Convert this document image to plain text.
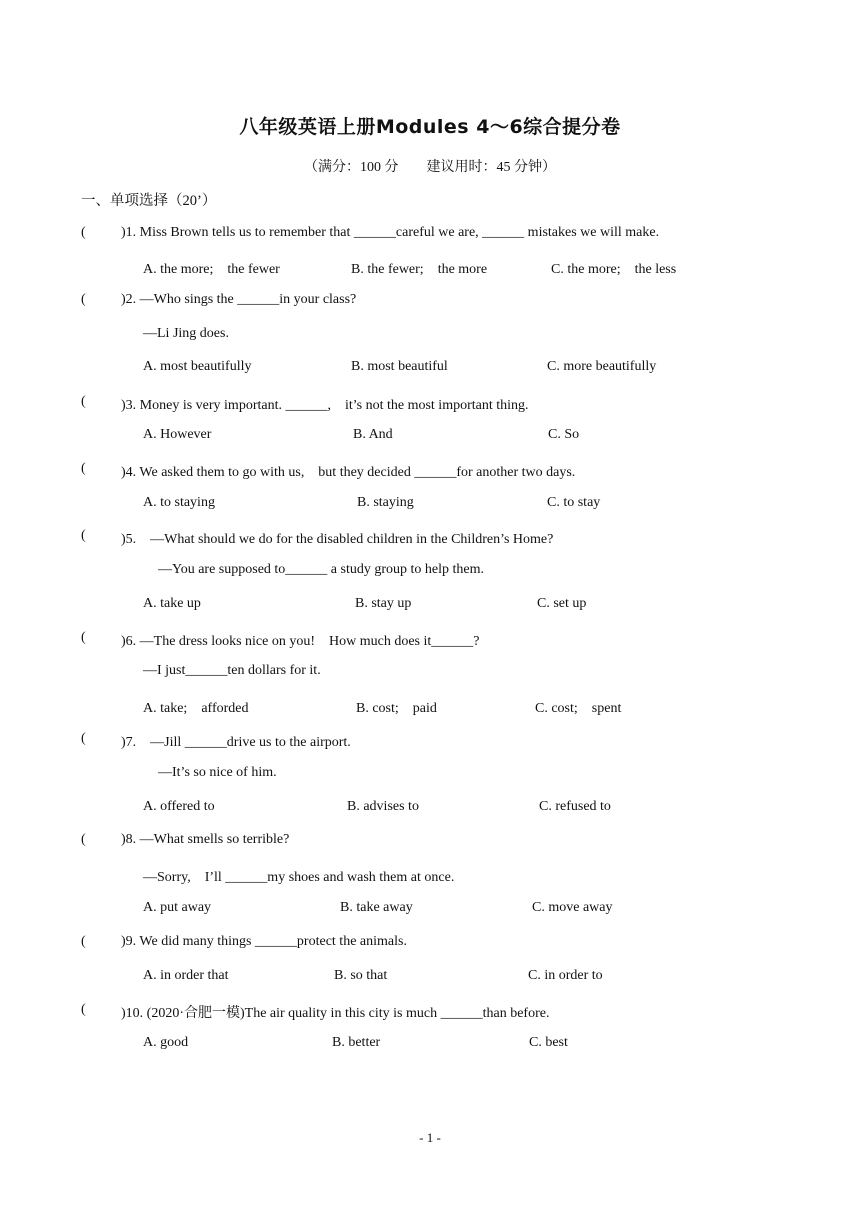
八年级英语上册Modules 4～6综合提分卷
（满分：100 分　　建议用时：45 分钟）
一、单项选择（20’）
(	)1. Miss Brown tells us to remember that ______careful we are, ______ mistakes we will make.
A. the more;　the fewer	B. the fewer;　the more	C. the more;　the less
(	)2. —Who sings the ______in your class?
—Li Jing does.
A. most beautifully	B. most beautiful	C. more beautifully
(	)3. Money is very important. ______,　it’s not the most important thing.
A. However	B. And	C. So
(	)4. We asked them to go with us,　but they decided ______for another two days.
A. to staying	B. staying	C. to stay
(	)5.　—What should we do for the disabled children in the Children’s Home?
—You are supposed to______ a study group to help them.
A. take up	B. stay up	C. set up
(	)6. —The dress looks nice on you!　How much does it______?
—I just______ten dollars for it.
A. take;　afforded	B. cost;　paid	C. cost;　spent
(	)7.　—Jill ______drive us to the airport.
—It’s so nice of him.
A. offered to	B. advises to	C. refused to
(	)8. —What smells so terrible?
—Sorry,　I’ll ______my shoes and wash them at once.
A. put away	B. take away	C. move away
(	)9. We did many things ______protect the animals.
A. in order that	B. so that	C. in order to
(	)10. (2020·合肥一模)The air quality in this city is much ______than before.
A. good	B. better	C. best
- 1 -
